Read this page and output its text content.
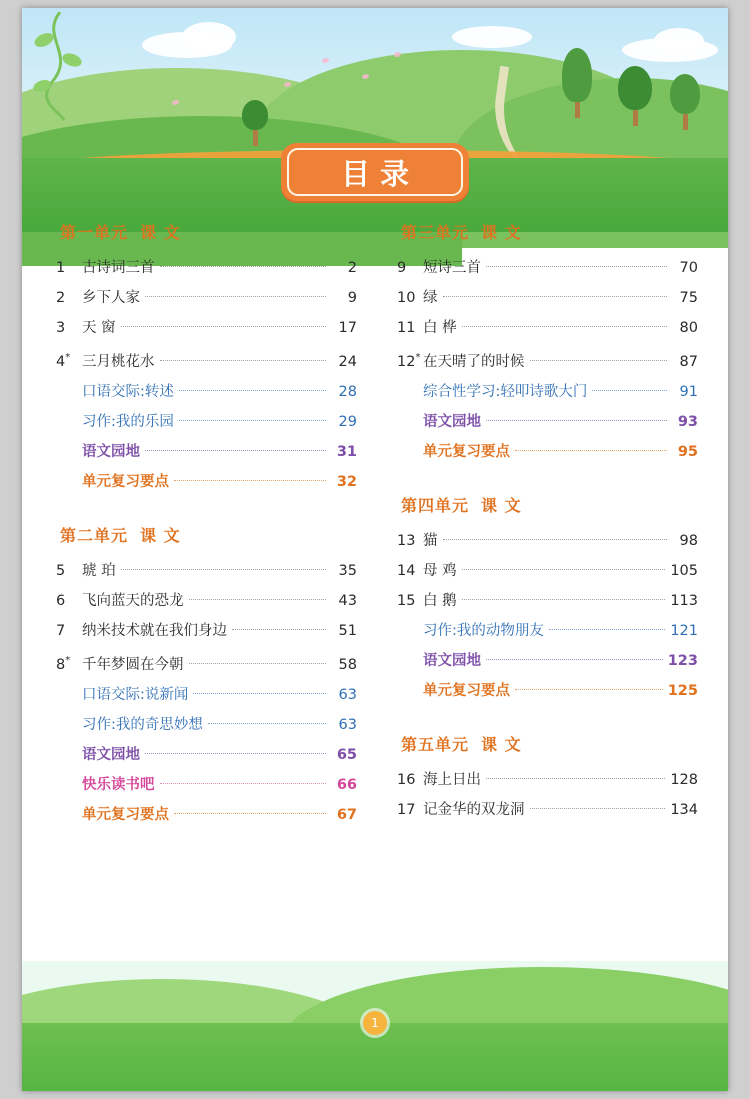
目录
第一单元 课 文
1	古诗词三首	2
2	乡下人家	9
3	天 窗	17
4* 三月桃花水	24
口语交际:转述	28
习作:我的乐园	29
语文园地	31
单元复习要点	32
第二单元 课 文
5	琥 珀	35
6	飞向蓝天的恐龙	43
7	纳米技术就在我们身边	51
8* 千年梦圆在今朝	58
口语交际:说新闻	63
习作:我的奇思妙想	63
语文园地	65
快乐读书吧	66
单元复习要点	67
第三单元 课 文
9	短诗三首	70
10 绿	75
11 白 桦	80
12* 在天晴了的时候	87
综合性学习:轻叩诗歌大门	91
语文园地	93
单元复习要点	95
第四单元 课 文
13 猫	98
14 母 鸡	105
15 白 鹅	113
习作:我的动物朋友	121
语文园地	123
单元复习要点	125
第五单元 课 文
16 海上日出	128
17 记金华的双龙洞	134
1
